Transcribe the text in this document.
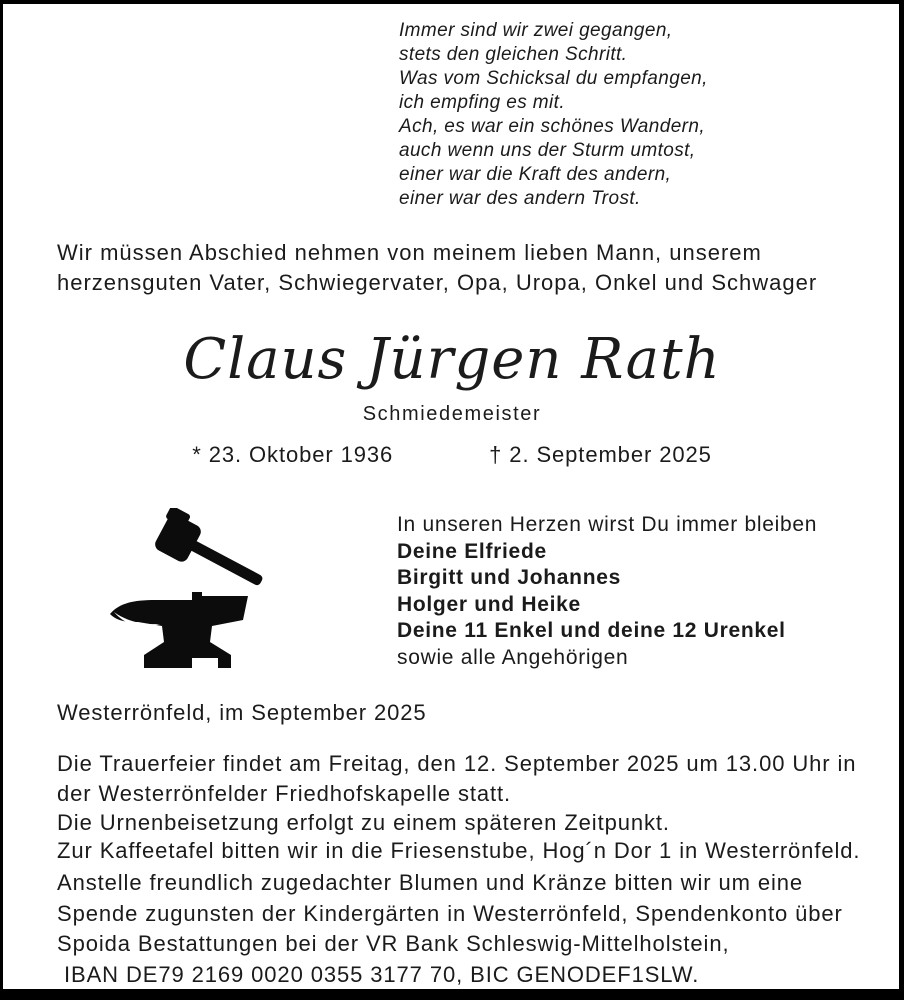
Immer sind wir zwei gegangen,
stets den gleichen Schritt.
Was vom Schicksal du empfangen,
ich empfing es mit.
Ach, es war ein schönes Wandern,
auch wenn uns der Sturm umtost,
einer war die Kraft des andern,
einer war des andern Trost.
Wir müssen Abschied nehmen von meinem lieben Mann, unserem
herzensguten Vater, Schwiegervater, Opa, Uropa, Onkel und Schwager
Claus Jürgen Rath
Schmiedemeister
* 23. Oktober 1936	† 2. September 2025
In unseren Herzen wirst Du immer bleiben
Deine Elfriede
Birgitt und Johannes
Holger und Heike
Deine 11 Enkel und deine 12 Urenkel
sowie alle Angehörigen
Westerrönfeld, im September 2025
Die Trauerfeier findet am Freitag, den 12. September 2025 um 13.00 Uhr in
der Westerrönfelder Friedhofskapelle statt.
Die Urnenbeisetzung erfolgt zu einem späteren Zeitpunkt.
Zur Kaffeetafel bitten wir in die Friesenstube, Hog´n Dor 1 in Westerrönfeld.
Anstelle freundlich zugedachter Blumen und Kränze bitten wir um eine
Spende zugunsten der Kindergärten in Westerrönfeld, Spendenkonto über
Spoida Bestattungen bei der VR Bank Schleswig-Mittelholstein,
IBAN DE79 2169 0020 0355 3177 70, BIC GENODEF1SLW.
